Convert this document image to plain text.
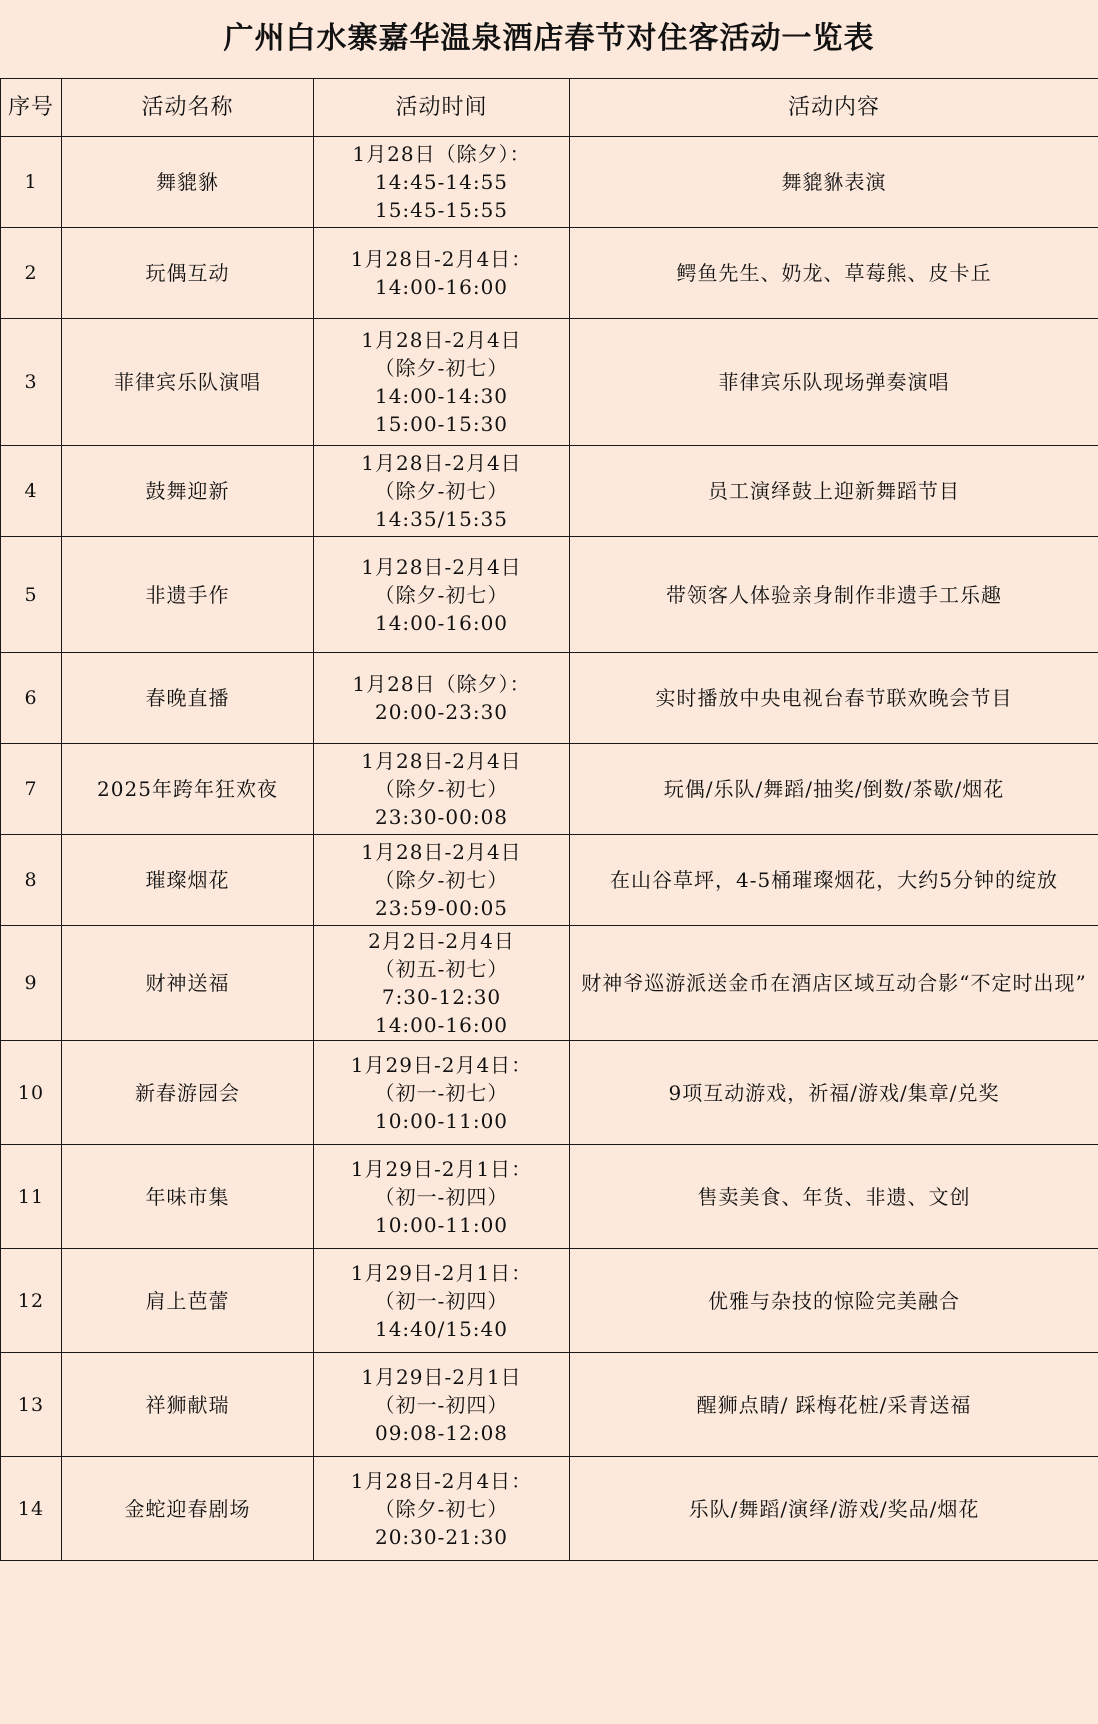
广州白水寨嘉华温泉酒店春节对住客活动一览表
序号	活动名称	活动时间	活动内容
1	舞貔貅	1月28日（除夕）：
14:45-14:55
15:45-15:55	舞貔貅表演
2	玩偶互动	1月28日-2月4日：
14:00-16:00	鳄鱼先生、奶龙、草莓熊、皮卡丘
3	菲律宾乐队演唱	1月28日-2月4日
（除夕-初七）
14:00-14:30
15:00-15:30	菲律宾乐队现场弹奏演唱
4	鼓舞迎新	1月28日-2月4日
（除夕-初七）
14:35/15:35	员工演绎鼓上迎新舞蹈节目
5	非遗手作	1月28日-2月4日
（除夕-初七）
14:00-16:00	带领客人体验亲身制作非遗手工乐趣
6	春晚直播	1月28日（除夕）：
20:00-23:30	实时播放中央电视台春节联欢晚会节目
7	2025年跨年狂欢夜	1月28日-2月4日
（除夕-初七）
23:30-00:08	玩偶/乐队/舞蹈/抽奖/倒数/茶歇/烟花
8	璀璨烟花	1月28日-2月4日
（除夕-初七）
23:59-00:05	在山谷草坪，4-5桶璀璨烟花，大约5分钟的绽放
9	财神送福	2月2日-2月4日
（初五-初七）
7:30-12:30
14:00-16:00	财神爷巡游派送金币在酒店区域互动合影“不定时出现”
10	新春游园会	1月29日-2月4日：
（初一-初七）
10:00-11:00	9项互动游戏，祈福/游戏/集章/兑奖
11	年味市集	1月29日-2月1日：
（初一-初四）
10:00-11:00	售卖美食、年货、非遗、文创
12	肩上芭蕾	1月29日-2月1日：
（初一-初四）
14:40/15:40	优雅与杂技的惊险完美融合
13	祥狮献瑞	1月29日-2月1日
（初一-初四）
09:08-12:08	醒狮点睛/ 踩梅花桩/采青送福
14	金蛇迎春剧场	1月28日-2月4日：
（除夕-初七）
20:30-21:30	乐队/舞蹈/演绎/游戏/奖品/烟花
